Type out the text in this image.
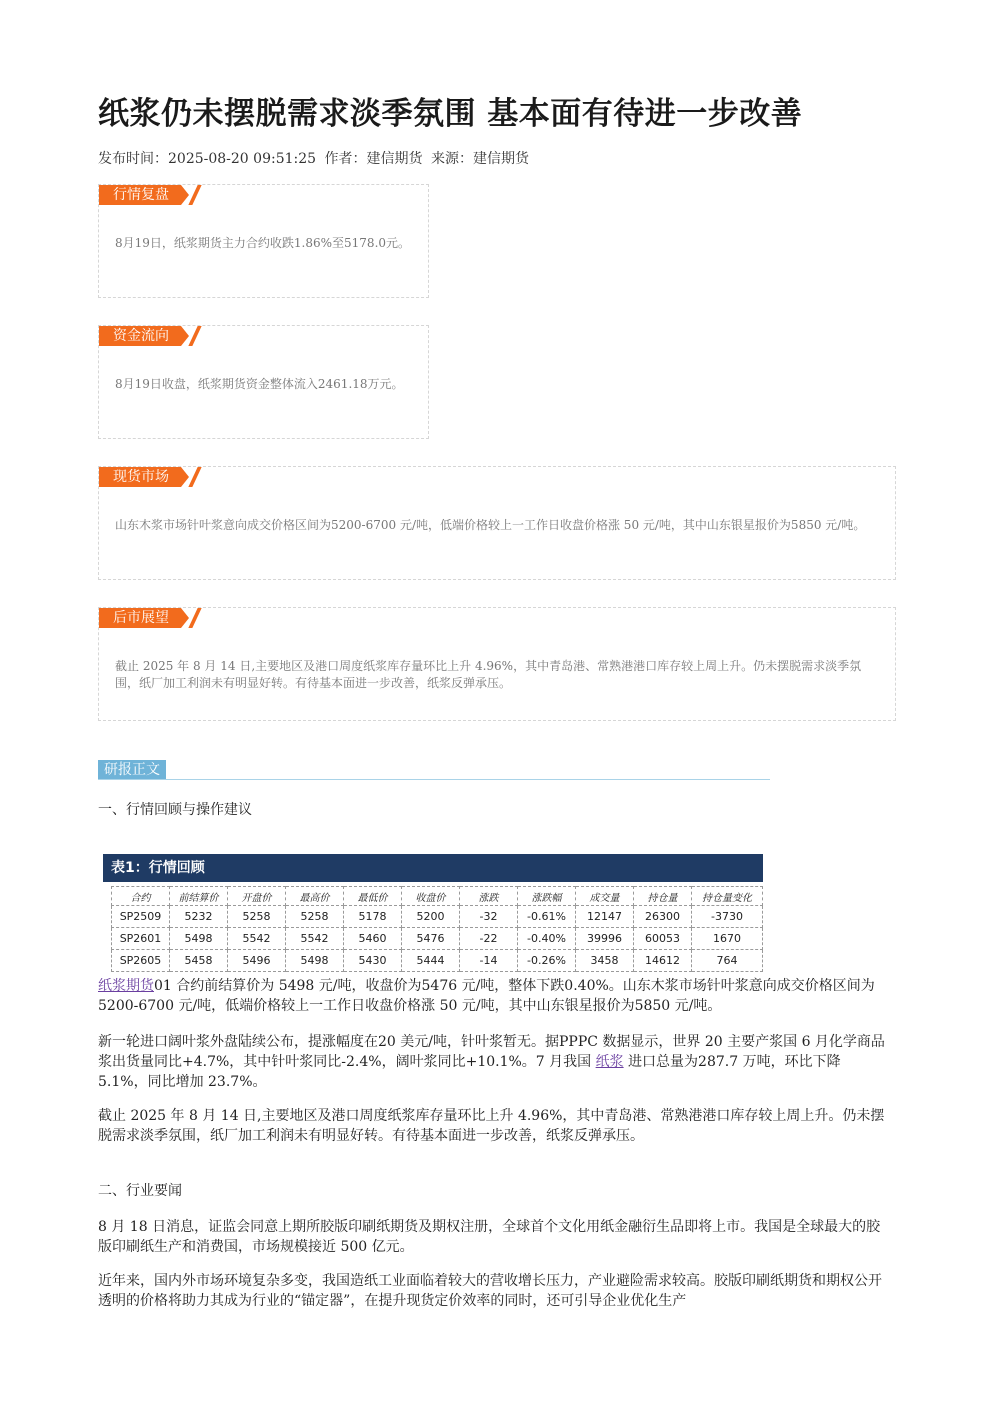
纸浆仍未摆脱需求淡季氛围 基本面有待进一步改善
发布时间：2025-08-20 09:51:25 作者：建信期货 来源：建信期货
行情复盘
8月19日，纸浆期货主力合约收跌1.86%至5178.0元。
资金流向
8月19日收盘，纸浆期货资金整体流入2461.18万元。
现货市场
山东木浆市场针叶浆意向成交价格区间为5200-6700 元/吨，低端价格较上一工作日收盘价格涨 50 元/吨，其中山东银星报价为5850 元/吨。
后市展望
截止 2025 年 8 月 14 日,主要地区及港口周度纸浆库存量环比上升 4.96%，其中青岛港、常熟港港口库存较上周上升。仍未摆脱需求淡季氛围，纸厂加工利润未有明显好转。有待基本面进一步改善，纸浆反弹承压。
研报正文
一、行情回顾与操作建议
表1：行情回顾
合约	前结算价	开盘价	最高价	最低价	收盘价	涨跌	涨跌幅	成交量	持仓量	持仓量变化
SP2509	5232	5258	5258	5178	5200	-32	-0.61%	12147	26300	-3730
SP2601	5498	5542	5542	5460	5476	-22	-0.40%	39996	60053	1670
SP2605	5458	5496	5498	5430	5444	-14	-0.26%	3458	14612	764
纸浆期货01 合约前结算价为 5498 元/吨，收盘价为5476 元/吨，整体下跌0.40%。山东木浆市场针叶浆意向成交价格区间为5200-6700 元/吨，低端价格较上一工作日收盘价格涨 50 元/吨，其中山东银星报价为5850 元/吨。
新一轮进口阔叶浆外盘陆续公布，提涨幅度在20 美元/吨，针叶浆暂无。据PPPC 数据显示，世界 20 主要产浆国 6 月化学商品浆出货量同比+4.7%，其中针叶浆同比-2.4%，阔叶浆同比+10.1%。7 月我国 纸浆 进口总量为287.7 万吨，环比下降 5.1%，同比增加 23.7%。
截止 2025 年 8 月 14 日,主要地区及港口周度纸浆库存量环比上升 4.96%，其中青岛港、常熟港港口库存较上周上升。仍未摆脱需求淡季氛围，纸厂加工利润未有明显好转。有待基本面进一步改善，纸浆反弹承压。
二、行业要闻
8 月 18 日消息，证监会同意上期所胶版印刷纸期货及期权注册，全球首个文化用纸金融衍生品即将上市。我国是全球最大的胶版印刷纸生产和消费国，市场规模接近 500 亿元。
近年来，国内外市场环境复杂多变，我国造纸工业面临着较大的营收增长压力，产业避险需求较高。胶版印刷纸期货和期权公开透明的价格将助力其成为行业的“锚定器”，在提升现货定价效率的同时，还可引导企业优化生产
